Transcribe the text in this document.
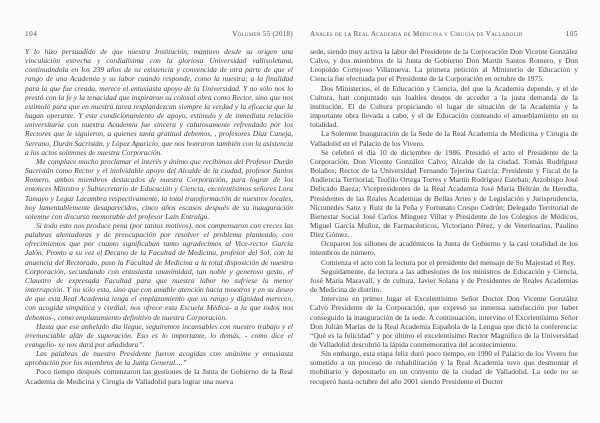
104	Volumen 55 (2018)

Y lo hizo persuadido de que nuestra Institución, mantuvo desde su origen una vinculación estrecha y cordialísima con la gloriosa Universidad vallisoletana, continuándola en los 239 años de su existencia y convencida de otra parte de que el rango de una Academia y su labor cuando responde, como la nuestra; a la finalidad para la que fue creada, merece el entusiasta apoyo de la Universidad. Y no sólo nos lo prestó con la fe y la tenacidad que inspiraron su colosal obra como Rector, sino que nos estimuló para que en nuestra tarea resplandezcan siempre la verdad y la eficacia que la hagan operante. Y este condicionamiento de apoyo, estímulo y de inmediata relación universitaria con nuestra Academia fue sincera y calurosamente refrendado por los Rectores que le siguieron, a quienes tanta gratitud debemos, , profesores Díaz Caneja, Serrano, Durán Sacristán, y López Aparicio, que nos honraron también con la asistencia a los actos solemnes de nuestra Corporación.

Me complace mucho proclamar el interés y ánimo que recibimos del Profesor Durán Sacristán como Rector y el inolvidable apoyo del Alcalde de la ciudad, profesor Santos Romero, ambos miembros destacados de nuestra Corporación, para lograr de los entonces Ministro y Subsecretario de Educación y Ciencia, excelentísimos señores Lora Tamayo y Legaz Lacambra respectivamente, la total transformación de nuestros locales, hoy lamentablemente desaparecidos, cinco años escasos después de su inauguración solemne con discurso memorable del profesor Laín Entralgo.

Si todo esto nos produce pena (por tantos motivos), nos compensaron con creces las palabras alentadoras y de preocupación por resolver el problema planteado, con ofrecimientos que por cuanto significaban tanto agradecimos al Vice-rector García Jalón. Pronto a su vez el Decano de la Facultad de Medicina, profesor del Sol, con la anuencia del Rectorado, puso la Facultad de Medicina a la total disposición de nuestra Corporación, secundando con entusiasta unanimidad, tan noble y generoso gesto, el Claustro de expresada Facultad para que nuestra labor no sufriese la menor interrupción. Y no sólo esto, sino que con amable atención hacia nosotros y en su deseo de que esta Real Academia tenga el emplazamiento que su rango y dignidad merecen, con acogida simpática y cordial, nos ofrece esta Escuela Médica- a la que todos nos debemos-, como emplazamiento definitivo de nuestra Corporación.

Hasta que ese anhelado día llegue, seguiremos incansables con nuestro trabajo y el irrenunciable afán de superación. Eso es lo importante, lo demás, - como dice el evangelio- se nos dará por añadidura”.

Las palabras de nuestro Presidente fueron acogidas con unánime y entusiasta aprobación por los miembros de la Junta General....”

Poco tiempo después comenzaron las gestiones de la Junta de Gobierno de la Real Academia de Medicina y Cirugía de Valladolid para lograr una nueva

Anales de la Real Academia de Medicina y Cirugía de Valladolid	105

sede, siendo muy activa la labor del Presidente de la Corporación Don Vicente González Calvo, y dos miembros de la Junta de Gobierno Don Martín Santos Romero, y Don Leopoldo Cortejoso Villanueva. La primera petición al Ministerio de Educación y Ciencia fue efectuada por el Presidente de la Corporación en octubre de 1975.

Dos Ministerios, el de Educación y Ciencia, del que la Academia depende, y el de Cultura, han conjuntado sus loables deseos de acceder a la justa demanda de la institución. El de Cultura propiciando el lugar de situación de la Academia y la importante obra llevada a cabo, y el de Educación costeando el amueblamiento en su totalidad.

La Solemne Inauguración de la Sede de la Real Academia de Medicina y Cirugía de Valladolid en el Palacio de los Vivero.

Se celebró el día 10 de diciembre de 1986. Presidió el acto el Presidente de la Corporación, Don Vicente González Calvo; Alcalde de la ciudad, Tomás Rodríguez Bolaños; Rector de la Universidad Fernando Tejerina García; Presidente y Fiscal de la Audiencia Territorial, Teófilo Ortega Torres y Martín Rodríguez Esteban; Arzobispo José Delicado Baeza; Vicepresidentes de la Real Academia José María Beltrán de Heredia, Presidentes de las Reales Academias de Bellas Artes y de Legislación y Jurisprudencia, Nicomedes Sanz y Ruiz de la Peña y Fortunato Crespo Cedrún; Delegado Territorial de Bienestar Social José Carlos Mínguez Villar y Presidente de los Colegios de Médicos, Miguel García Muñoz, de Farmacéuticos, Victoriano Pérez, y de Veterinarios, Paulino Díez Gómez.

Ocuparon los sillones de académicos la Junta de Gobierno y la casi totalidad de los miembros de número.

Comienza el acto con la lectura por el presidente del mensaje de Su Majestad el Rey.

Seguidamente, da lectura a las adhesiones de los ministros de Educación y Ciencia, José María Maravall, y de cultura, Javier Solana y de Presidentes de Reales Academias de Medicina de distrito.

Intervino en primer lugar el Excelentísimo Señor Doctor Don Vicente González Calvo Presidente de la Corporación, que expresó su inmensa satisfacción por haber conseguido la inauguración de la sede. A continuación, intervino el Excelentísimo Señor Don Julián Marías de la Real Academia Española de la Lengua que dictó la conferencia: “Qué es la felicidad” y por último el excelentísimo Rector Magnífico de la Universidad de Valladolid descubrió la lápida conmemorativa del acontecimiento.

Sin embargo, esta etapa feliz duró poco tiempo, en 1990 el Palacio de los Vivero fue sometido a un proceso de rehabilitación y la Real Academia tuvo que desmontar el mobiliario y depositarlo en un convento de la ciudad de Valladolid. La sede no se recuperó hasta octubre del año 2001 siendo Presidente el Doctor
